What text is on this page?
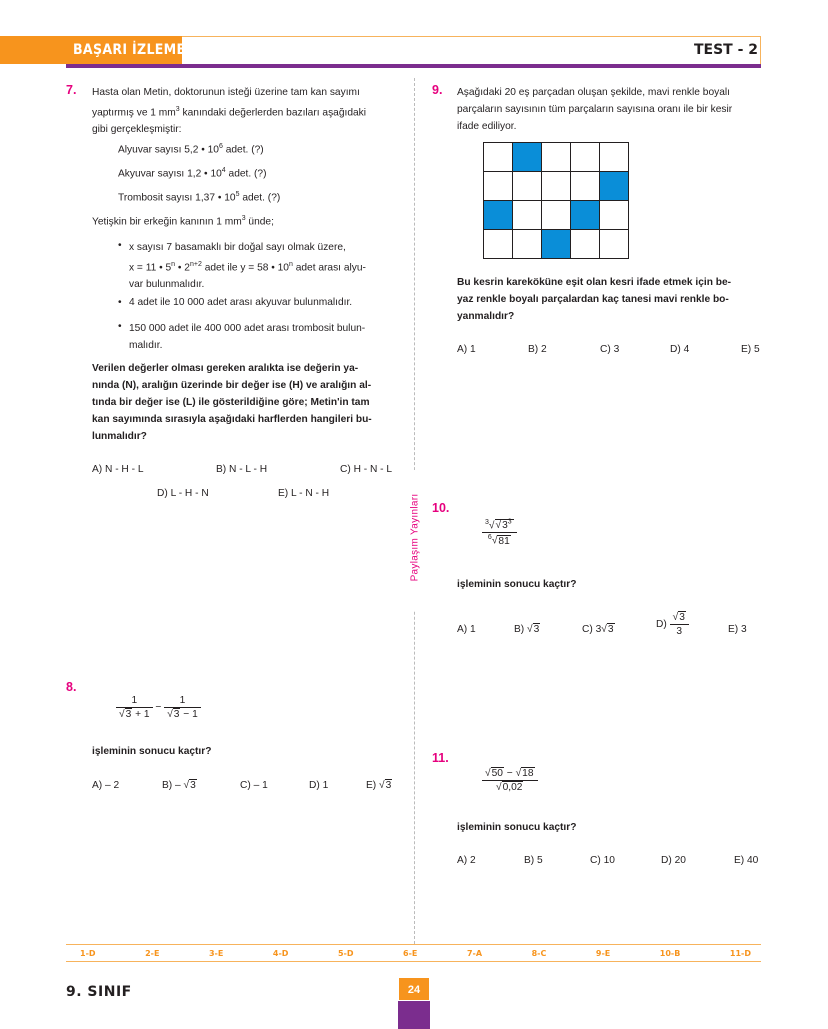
BAŞARI İZLEME TESTİ	TEST - 2
Paylaşım Yayınları
7. Hasta olan Metin, doktorunun isteği üzerine tam kan sayımı
yaptırmış ve 1 $mm^3$ kanındaki değerlerden bazıları aşağıdaki
gibi gerçekleşmiştir:
Alyuvar sayısı 5,2 • $10^6$ adet. (?)
Akyuvar sayısı 1,2 • $10^4$ adet. (?)
Trombosit sayısı 1,37 • $10^5$ adet. (?)
Yetişkin bir erkeğin kanının 1 $mm^3$ ünde;
• x sayısı 7 basamaklı bir doğal sayı olmak üzere,
x = 11 • 5$^n$ • $2^{n+2}$ adet ile y = 58 • 10$^n$ adet arası alyu-
var bulunmalıdır.
• 4 adet ile 10 000 adet arası akyuvar bulunmalıdır.
• 150 000 adet ile 400 000 adet arası trombosit bulun-
malıdır.
Verilen değerler olması gereken aralıkta ise değerin ya-
nında (N), aralığın üzerinde bir değer ise (H) ve aralığın al-
tında bir değer ise (L) ile gösterildiğine göre; Metin'in tam
kan sayımında sırasıyla aşağıdaki harflerden hangileri bu-
lunmalıdır?
A) N - H - L	B) N - L - H	C) H - N - L
D) L - H - N	E) L - N - H
8.
$\frac{1}{√3 + 1} - \frac{1}{√3 - 1}$
işleminin sonucu kaçtır?
A) – 2	B) – √3	C) – 1	D) 1	E) √3
9. Aşağıdaki 20 eş parçadan oluşan şekilde, mavi renkle boyalı
parçaların sayısının tüm parçaların sayısına oranı ile bir kesir
ifade ediliyor.

Bu kesrin kareköküne eşit olan kesri ifade etmek için be-
yaz renkle boyalı parçalardan kaç tanesi mavi renkle bo-
yanmalıdır?
A) 1	B) 2	C) 3	D) 4	E) 5
10.
$\frac{^3√√3^3}{^6√81}$
işleminin sonucu kaçtır?
A) 1	B) √3	C) 3√3	$D) \frac{√3}{3}$	E) 3
11.
$\frac{√50 - √18}{√0,02}$
işleminin sonucu kaçtır?
A) 2	B) 5	C) 10	D) 20	E) 40
1-D	2-E	3-E	4-D	5-D	6-E	7-A	8-C	9-E	10-B	11-D
9. SINIF	24
